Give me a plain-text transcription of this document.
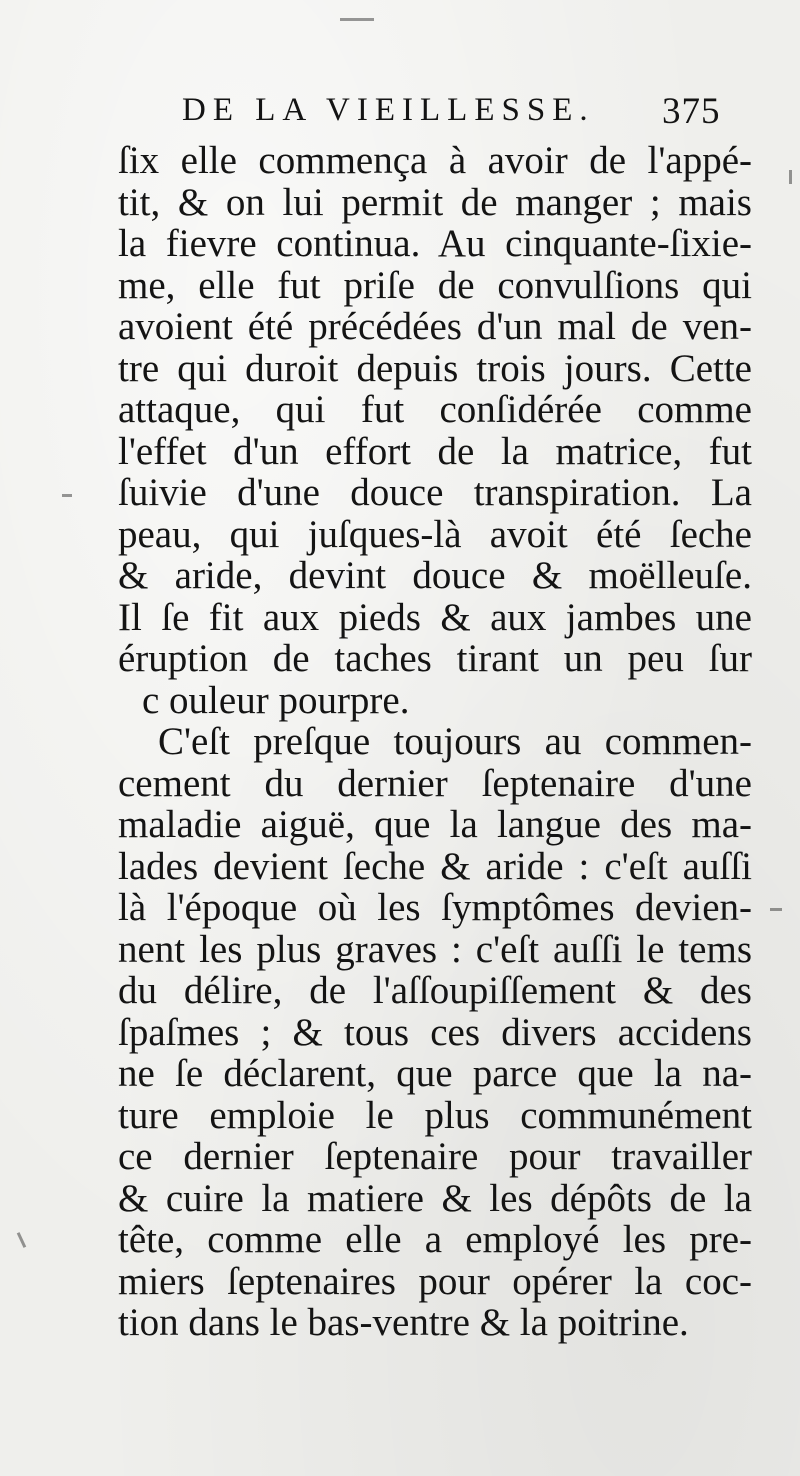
DE LA VIEILLESSE. 375
ſix elle commença à avoir de l'appé-
tit, & on lui permit de manger ; mais
la fievre continua. Au cinquante-ſixie-
me, elle fut priſe de convulſions qui
avoient été précédées d'un mal de ven-
tre qui duroit depuis trois jours. Cette
attaque, qui fut conſidérée comme
l'effet d'un effort de la matrice, fut
ſuivie d'une douce transpiration. La
peau, qui juſques-là avoit été ſeche
& aride, devint douce & moëlleuſe.
Il ſe fit aux pieds & aux jambes une
éruption de taches tirant un peu ſur
c ouleur pourpre.
C'eſt preſque toujours au commen-
cement du dernier ſeptenaire d'une
maladie aiguë, que la langue des ma-
lades devient ſeche & aride : c'eſt auſſi
là l'époque où les ſymptômes devien-
nent les plus graves : c'eſt auſſi le tems
du délire, de l'aſſoupiſſement & des
ſpaſmes ; & tous ces divers accidens
ne ſe déclarent, que parce que la na-
ture emploie le plus communément
ce dernier ſeptenaire pour travailler
& cuire la matiere & les dépôts de la
tête, comme elle a employé les pre-
miers ſeptenaires pour opérer la coc-
tion dans le bas-ventre & la poitrine.
